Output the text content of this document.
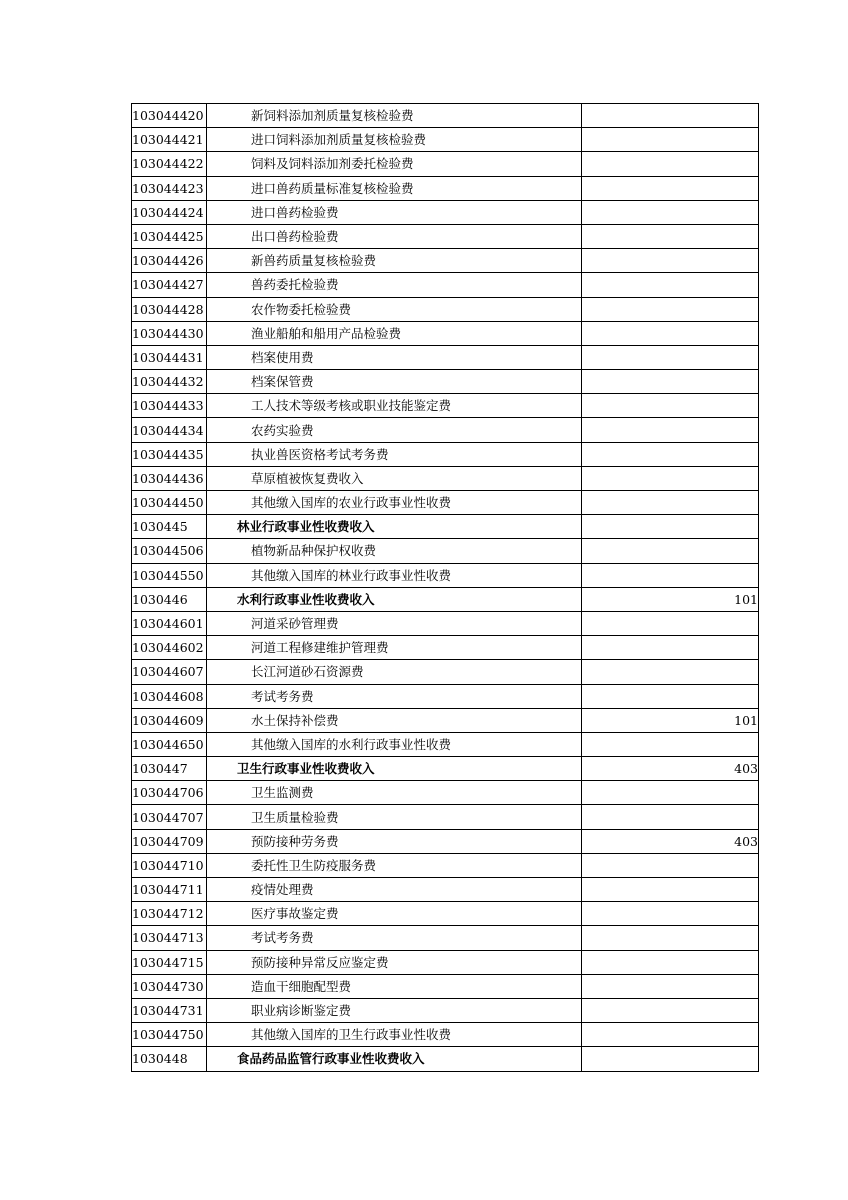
103044420	新饲料添加剂质量复核检验费	
103044421	进口饲料添加剂质量复核检验费	
103044422	饲料及饲料添加剂委托检验费	
103044423	进口兽药质量标准复核检验费	
103044424	进口兽药检验费	
103044425	出口兽药检验费	
103044426	新兽药质量复核检验费	
103044427	兽药委托检验费	
103044428	农作物委托检验费	
103044430	渔业船舶和船用产品检验费	
103044431	档案使用费	
103044432	档案保管费	
103044433	工人技术等级考核或职业技能鉴定费	
103044434	农药实验费	
103044435	执业兽医资格考试考务费	
103044436	草原植被恢复费收入	
103044450	其他缴入国库的农业行政事业性收费	
1030445	林业行政事业性收费收入	
103044506	植物新品种保护权收费	
103044550	其他缴入国库的林业行政事业性收费	
1030446	水利行政事业性收费收入	101
103044601	河道采砂管理费	
103044602	河道工程修建维护管理费	
103044607	长江河道砂石资源费	
103044608	考试考务费	
103044609	水土保持补偿费	101
103044650	其他缴入国库的水利行政事业性收费	
1030447	卫生行政事业性收费收入	403
103044706	卫生监测费	
103044707	卫生质量检验费	
103044709	预防接种劳务费	403
103044710	委托性卫生防疫服务费	
103044711	疫情处理费	
103044712	医疗事故鉴定费	
103044713	考试考务费	
103044715	预防接种异常反应鉴定费	
103044730	造血干细胞配型费	
103044731	职业病诊断鉴定费	
103044750	其他缴入国库的卫生行政事业性收费	
1030448	食品药品监管行政事业性收费收入	
